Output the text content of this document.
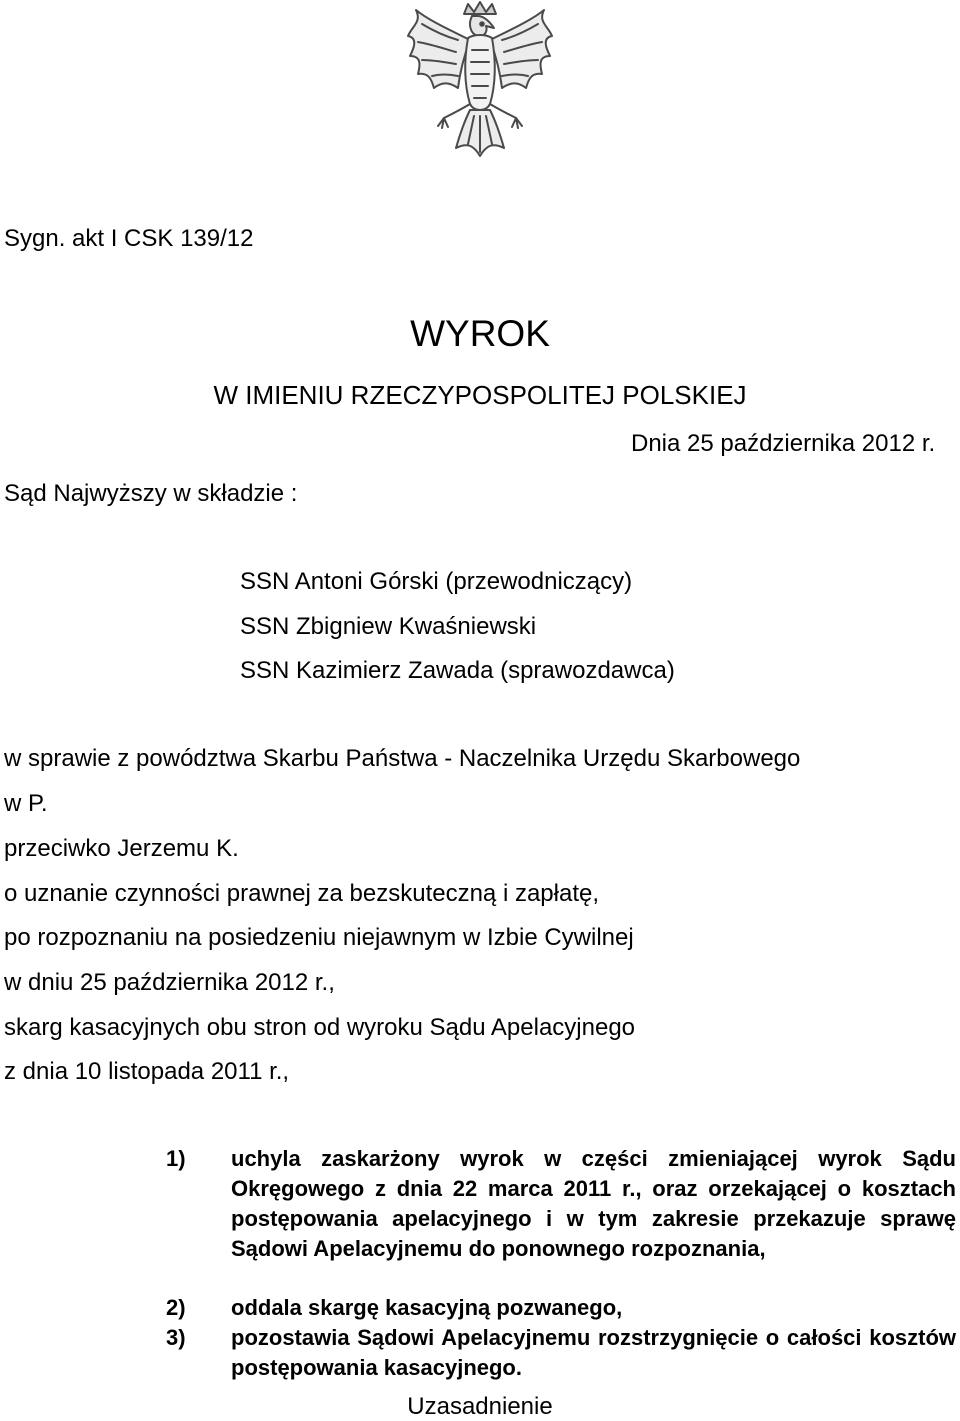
Sygn. akt I CSK 139/12
WYROK
W IMIENIU RZECZYPOSPOLITEJ POLSKIEJ
Dnia 25 października 2012 r.
Sąd Najwyższy w składzie :
SSN Antoni Górski (przewodniczący)
SSN Zbigniew Kwaśniewski
SSN Kazimierz Zawada (sprawozdawca)
w sprawie z powództwa Skarbu Państwa - Naczelnika Urzędu Skarbowego
w P.
przeciwko Jerzemu K.
o uznanie czynności prawnej za bezskuteczną i zapłatę,
po rozpoznaniu na posiedzeniu niejawnym w Izbie Cywilnej
w dniu 25 października 2012 r.,
skarg kasacyjnych obu stron od wyroku Sądu Apelacyjnego
z dnia 10 listopada 2011 r.,
1) uchyla zaskarżony wyrok w części zmieniającej wyrok Sądu Okręgowego z dnia 22 marca 2011 r., oraz orzekającej o kosztach postępowania apelacyjnego i w tym zakresie przekazuje sprawę Sądowi Apelacyjnemu do ponownego rozpoznania,
2) oddala skargę kasacyjną pozwanego,
3) pozostawia Sądowi Apelacyjnemu rozstrzygnięcie o całości kosztów postępowania kasacyjnego.
Uzasadnienie
